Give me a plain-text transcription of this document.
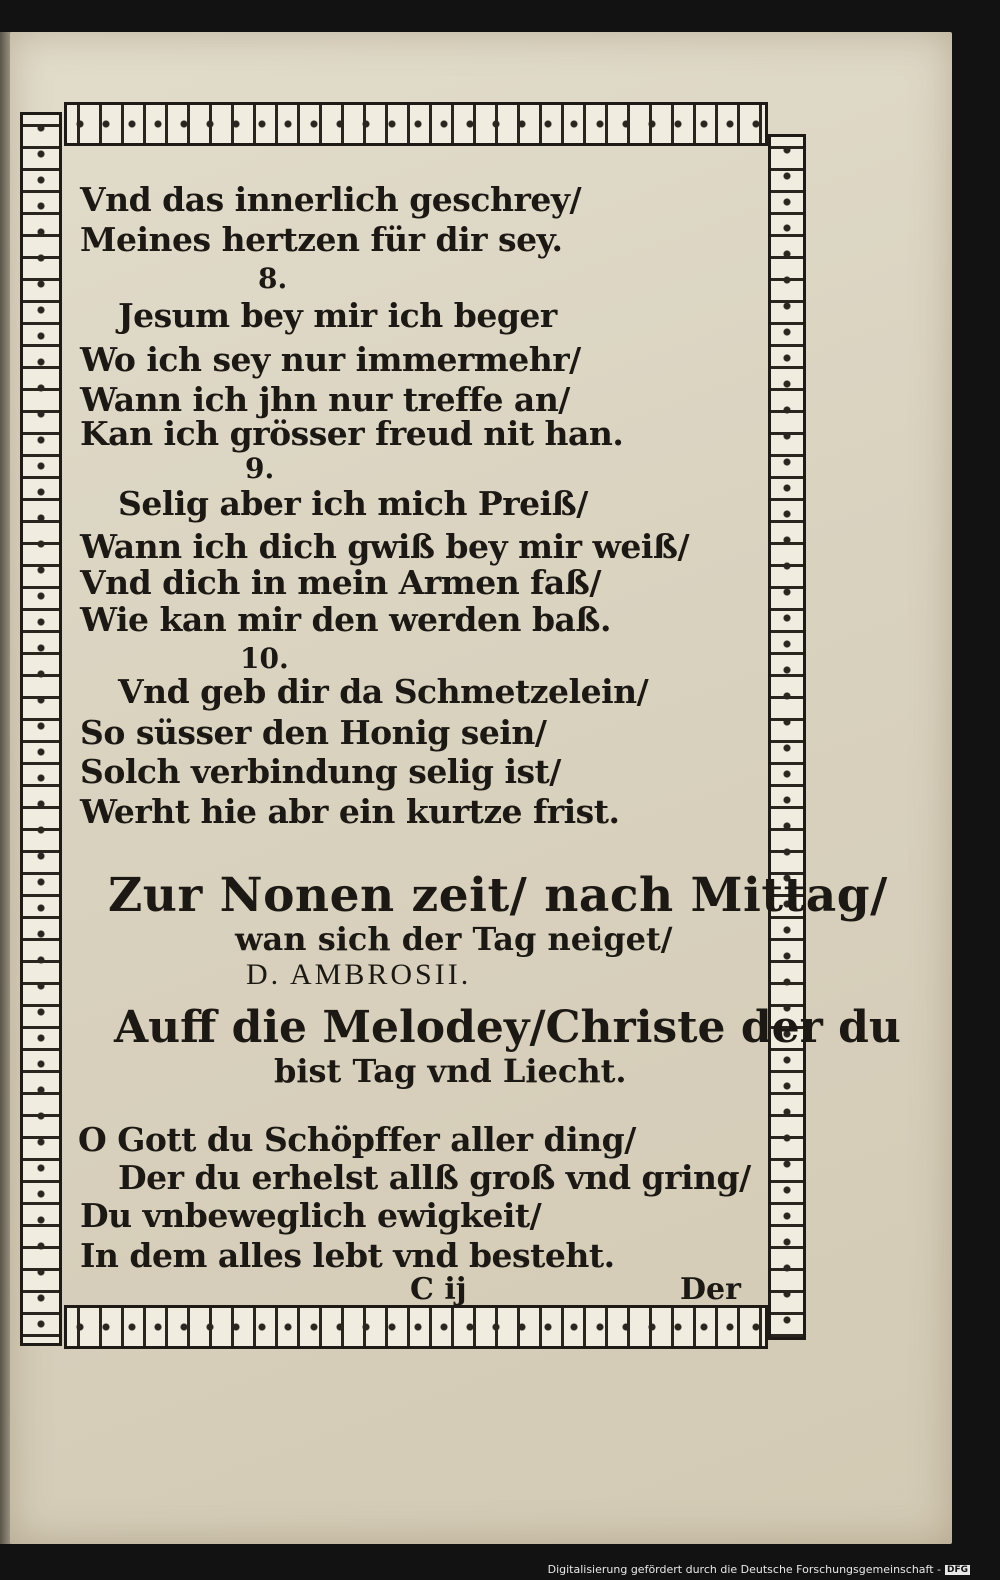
Vnd das innerlich geschrey/
Meines hertzen für dir sey.
8.
Jesum bey mir ich beger
Wo ich sey nur immermehr/
Wann ich jhn nur treffe an/
Kan ich grösser freud nit han.
9.
Selig aber ich mich Preiß/
Wann ich dich gwiß bey mir weiß/
Vnd dich in mein Armen faß/
Wie kan mir den werden baß.
10.
Vnd geb dir da Schmetzelein/
So süsser den Honig sein/
Solch verbindung selig ist/
Werht hie abr ein kurtze frist.
Zur Nonen zeit/ nach Mittag/
wan sich der Tag neiget/
D. AMBROSII.
Auff die Melodey/Christe der du
bist Tag vnd Liecht.
O Gott du Schöpffer aller ding/
Der du erhelst allß groß vnd gring/
Du vnbeweglich ewigkeit/
In dem alles lebt vnd besteht.
C ij	Der
Digitalisierung gefördert durch die Deutsche Forschungsgemeinschaft - DFG
